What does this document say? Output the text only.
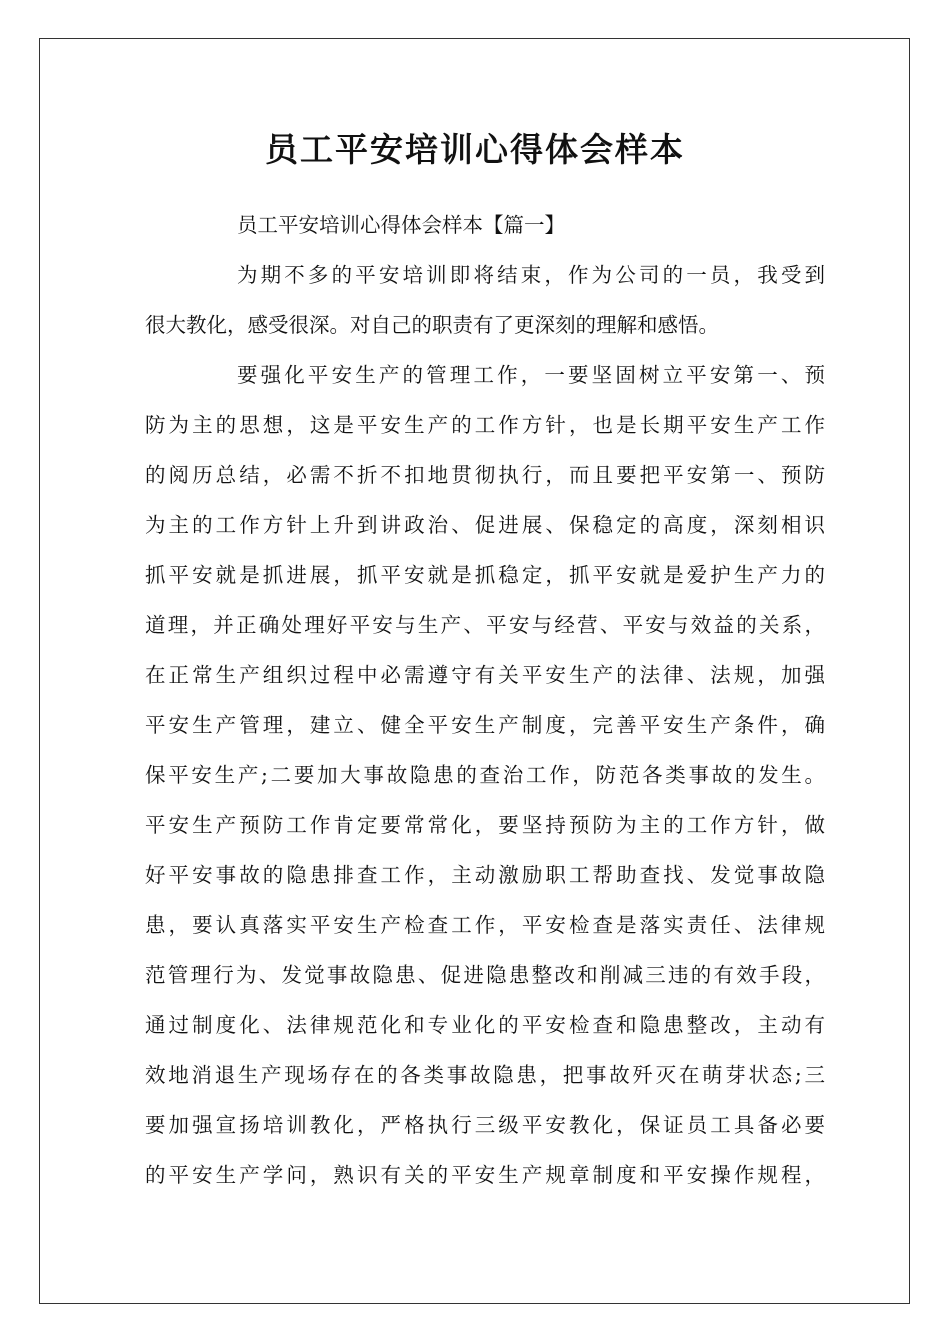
员工平安培训心得体会样本
员工平安培训心得体会样本【篇一】
为期不多的平安培训即将结束，作为公司的一员，我受到
很大教化，感受很深。对自己的职责有了更深刻的理解和感悟。
要强化平安生产的管理工作，一要坚固树立平安第一、预
防为主的思想，这是平安生产的工作方针，也是长期平安生产工作
的阅历总结，必需不折不扣地贯彻执行，而且要把平安第一、预防
为主的工作方针上升到讲政治、促进展、保稳定的高度，深刻相识
抓平安就是抓进展，抓平安就是抓稳定，抓平安就是爱护生产力的
道理，并正确处理好平安与生产、平安与经营、平安与效益的关系，
在正常生产组织过程中必需遵守有关平安生产的法律、法规，加强
平安生产管理，建立、健全平安生产制度，完善平安生产条件，确
保平安生产;二要加大事故隐患的查治工作，防范各类事故的发生。
平安生产预防工作肯定要常常化，要坚持预防为主的工作方针，做
好平安事故的隐患排查工作，主动激励职工帮助查找、发觉事故隐
患，要认真落实平安生产检查工作，平安检查是落实责任、法律规
范管理行为、发觉事故隐患、促进隐患整改和削减三违的有效手段，
通过制度化、法律规范化和专业化的平安检查和隐患整改，主动有
效地消退生产现场存在的各类事故隐患，把事故歼灭在萌芽状态;三
要加强宣扬培训教化，严格执行三级平安教化，保证员工具备必要
的平安生产学问，熟识有关的平安生产规章制度和平安操作规程，
